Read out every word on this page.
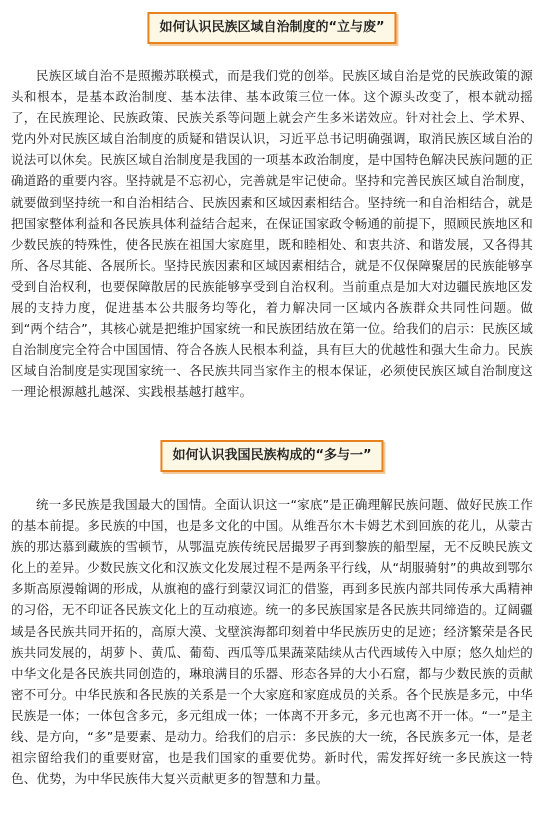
如何认识民族区域自治制度的“立与废”

民族区域自治不是照搬苏联模式，而是我们党的创举。民族区域自治是党的民族政策的源头和根本，是基本政治制度、基本法律、基本政策三位一体。这个源头改变了，根本就动摇了，在民族理论、民族政策、民族关系等问题上就会产生多米诺效应。针对社会上、学术界、党内外对民族区域自治制度的质疑和错误认识，习近平总书记明确强调，取消民族区域自治的说法可以休矣。民族区域自治制度是我国的一项基本政治制度，是中国特色解决民族问题的正确道路的重要内容。坚持就是不忘初心，完善就是牢记使命。坚持和完善民族区域自治制度，就要做到坚持统一和自治相结合、民族因素和区域因素相结合。坚持统一和自治相结合，就是把国家整体利益和各民族具体利益结合起来，在保证国家政令畅通的前提下，照顾民族地区和少数民族的特殊性，使各民族在祖国大家庭里，既和睦相处、和衷共济、和谐发展，又各得其所、各尽其能、各展所长。坚持民族因素和区域因素相结合，就是不仅保障聚居的民族能够享受到自治权利，也要保障散居的民族能够享受到自治权利。当前重点是加大对边疆民族地区发展的支持力度，促进基本公共服务均等化，着力解决同一区域内各族群众共同性问题。做到“两个结合”，其核心就是把维护国家统一和民族团结放在第一位。给我们的启示：民族区域自治制度完全符合中国国情、符合各族人民根本利益，具有巨大的优越性和强大生命力。民族区域自治制度是实现国家统一、各民族共同当家作主的根本保证，必须使民族区域自治制度这一理论根源越扎越深、实践根基越打越牢。

如何认识我国民族构成的“多与一”

统一多民族是我国最大的国情。全面认识这一“家底”是正确理解民族问题、做好民族工作的基本前提。多民族的中国，也是多文化的中国。从维吾尔木卡姆艺术到回族的花儿，从蒙古族的那达慕到藏族的雪顿节，从鄂温克族传统民居撮罗子再到黎族的船型屋，无不反映民族文化上的差异。少数民族文化和汉族文化发展过程不是两条平行线，从“胡服骑射”的典故到鄂尔多斯高原漫翰调的形成，从旗袍的盛行到蒙汉词汇的借鉴，再到多民族内部共同传承大禹精神的习俗，无不印证各民族文化上的互动痕迹。统一的多民族国家是各民族共同缔造的。辽阔疆域是各民族共同开拓的，高原大漠、戈壁滨海都印刻着中华民族历史的足迹；经济繁荣是各民族共同发展的，胡萝卜、黄瓜、葡萄、西瓜等瓜果蔬菜陆续从古代西域传入中原；悠久灿烂的中华文化是各民族共同创造的，琳琅满目的乐器、形态各异的大小石窟，都与少数民族的贡献密不可分。中华民族和各民族的关系是一个大家庭和家庭成员的关系。各个民族是多元，中华民族是一体；一体包含多元，多元组成一体；一体离不开多元，多元也离不开一体。“一”是主线、是方向，“多”是要素、是动力。给我们的启示：多民族的大一统，各民族多元一体，是老祖宗留给我们的重要财富，也是我们国家的重要优势。新时代，需发挥好统一多民族这一特色、优势，为中华民族伟大复兴贡献更多的智慧和力量。
